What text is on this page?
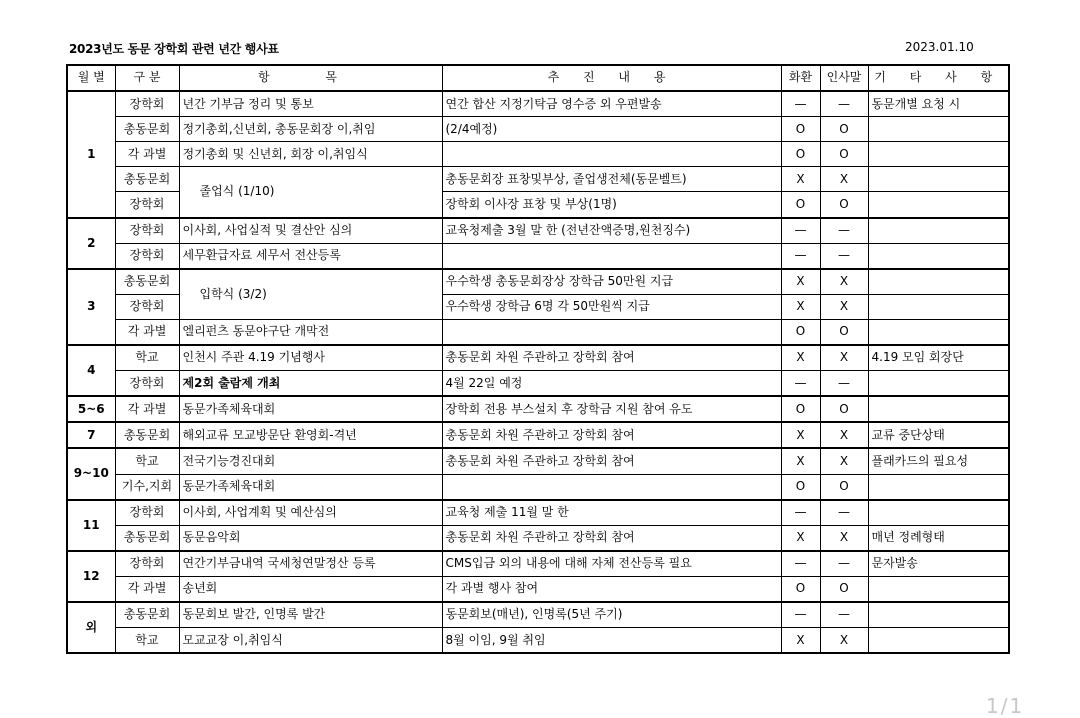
2023년도 동문 장학회 관련 년간 행사표	2023.01.10
월 별	구 분	항 목	추 진 내 용	화환	인사말	기 타 사 항
1	장학회	년간 기부금 정리 및 통보	연간 합산 지정기탁금 영수증 외 우편발송	—	—	동문개별 요청 시
	총동문회	정기총회,신년회, 총동문회장 이,취임	(2/4예정)	O	O	
	각 과별	정기총회 및 신년회, 회장 이,취임식		O	O	
	총동문회	졸업식 (1/10)	총동문회장 표창및부상, 졸업생전체(동문벨트)	X	X	
	장학회		장학회 이사장 표창 및 부상(1명)	O	O	
2	장학회	이사회, 사업실적 및 결산안 심의	교육청제출 3월 말 한 (전년잔액증명,원천징수)	—	—	
	장학회	세무환급자료 세무서 전산등록		—	—	
3	총동문회	입학식 (3/2)	우수학생 총동문회장상 장학금 50만원 지급	X	X	
	장학회		우수학생 장학금 6명 각 50만원씩 지급	X	X	
	각 과별	엘리펀츠 동문야구단 개막전		O	O	
4	학교	인천시 주관 4.19 기념행사	총동문회 차원 주관하고 장학회 참여	X	X	4.19 모임 회장단
	장학회	제2회 출람제 개최	4월 22일 예정	—	—	
5~6	각 과별	동문가족체육대회	장학회 전용 부스설치 후 장학금 지원 참여 유도	O	O	
7	총동문회	해외교류 모교방문단 환영회-격년	총동문회 차원 주관하고 장학회 참여	X	X	교류 중단상태
9~10	학교	전국기능경진대회	총동문회 차원 주관하고 장학회 참여	X	X	플래카드의 필요성
	기수,지회	동문가족체육대회		O	O	
11	장학회	이사회, 사업계획 및 예산심의	교육청 제출 11월 말 한	—	—	
	총동문회	동문음악회	총동문회 차원 주관하고 장학회 참여	X	X	매년 정례형태
12	장학회	연간기부금내역 국세청연말정산 등록	CMS입금 외의 내용에 대해 자체 전산등록 필요	—	—	문자발송
	각 과별	송년회	각 과별 행사 참여	O	O	
외	총동문회	동문회보 발간, 인명록 발간	동문회보(매년), 인명록(5년 주기)	—	—	
	학교	모교교장 이,취임식	8월 이임, 9월 취임	X	X	
1/1
